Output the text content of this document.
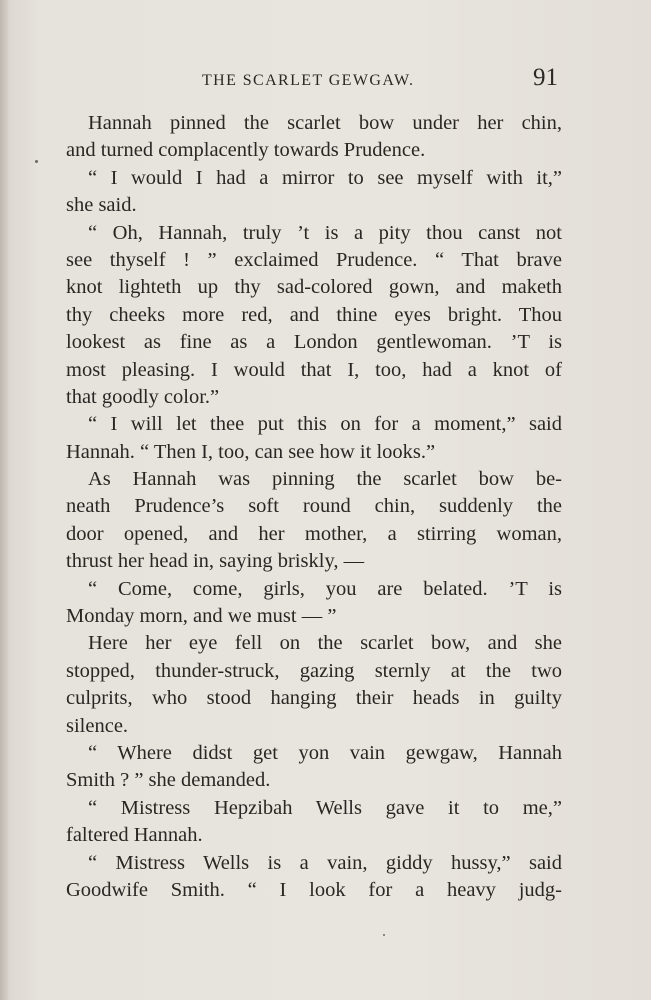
THE SCARLET GEWGAW.	91
Hannah pinned the scarlet bow under her chin,
and turned complacently towards Prudence.
“ I would I had a mirror to see myself with it,”
she said.
“ Oh, Hannah, truly ’t is a pity thou canst not
see thyself ! ” exclaimed Prudence. “ That brave
knot lighteth up thy sad-colored gown, and maketh
thy cheeks more red, and thine eyes bright. Thou
lookest as fine as a London gentlewoman. ’T is
most pleasing. I would that I, too, had a knot of
that goodly color.”
“ I will let thee put this on for a moment,” said
Hannah. “ Then I, too, can see how it looks.”
As Hannah was pinning the scarlet bow be-
neath Prudence’s soft round chin, suddenly the
door opened, and her mother, a stirring woman,
thrust her head in, saying briskly, —
“ Come, come, girls, you are belated. ’T is
Monday morn, and we must — ”
Here her eye fell on the scarlet bow, and she
stopped, thunder-struck, gazing sternly at the two
culprits, who stood hanging their heads in guilty
silence.
“ Where didst get yon vain gewgaw, Hannah
Smith ? ” she demanded.
“ Mistress Hepzibah Wells gave it to me,”
faltered Hannah.
“ Mistress Wells is a vain, giddy hussy,” said
Goodwife Smith. “ I look for a heavy judg-
